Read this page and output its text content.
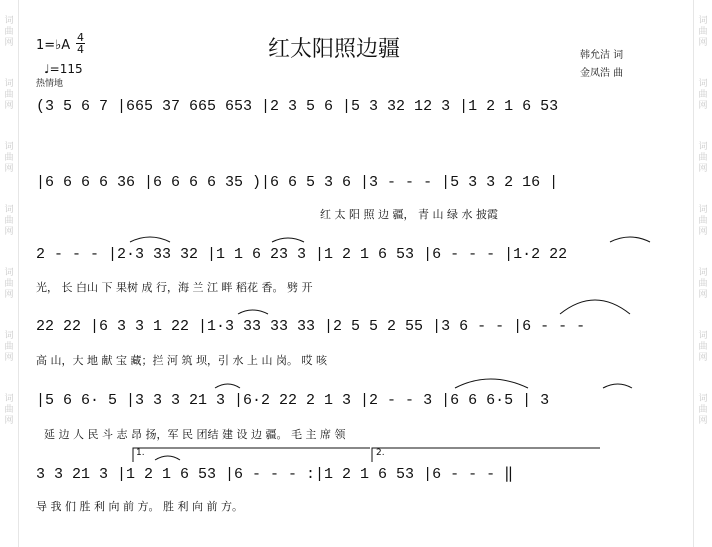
词
曲
网
词
曲
网
词
曲
网
词
曲
网
词
曲
网
词
曲
网
词
曲
网
词
曲
网
词
曲
网
词
曲
网
词
曲
网
词
曲
网
词
曲
网
词
曲
网
1=♭A
4
4
♩=115
热情地
红太阳照边疆	韩允洁 词
金凤浩 曲
(3 5 6 7 |665 37 665 653 |2 3 5 6 |5 3 32 12 3 |1 2 1 6 53
|6 6 6 6 36 |6 6 6 6 35 )|6 6 5 3 6 |3 - - - |5 3 3 2 16 |
红 太 阳 照 边 疆， 青 山 绿 水 披霞
2 - - - |2·3 33 32 |1 1 6 23 3 |1 2 1 6 53 |6 - - - |1·2 22
光， 长 白山 下 果树 成 行，海 兰 江 畔 稻花 香。 劈 开
22 22 |6 3 3 1 22 |1·3 33 33 33 |2 5 5 2 55 |3 6 - - |6 - - -
高 山，大 地 献 宝 藏；拦 河 筑 坝，引 水 上 山 岗。 哎 咳
|5 6 6· 5 |3 3 3 21 3 |6·2 22 2 1 3 |2 - - 3 |6 6 6·5 | 3
延 边 人 民 斗 志 昂 扬，军 民 团结 建 设 边 疆。 毛 主 席 领
3 3 21 3 |1 2 1 6 53 |6 - - - :|1 2 1 6 53 |6 - - - ‖
导 我 们 胜 利 向 前 方。 胜 利 向 前 方。
1.	2.
